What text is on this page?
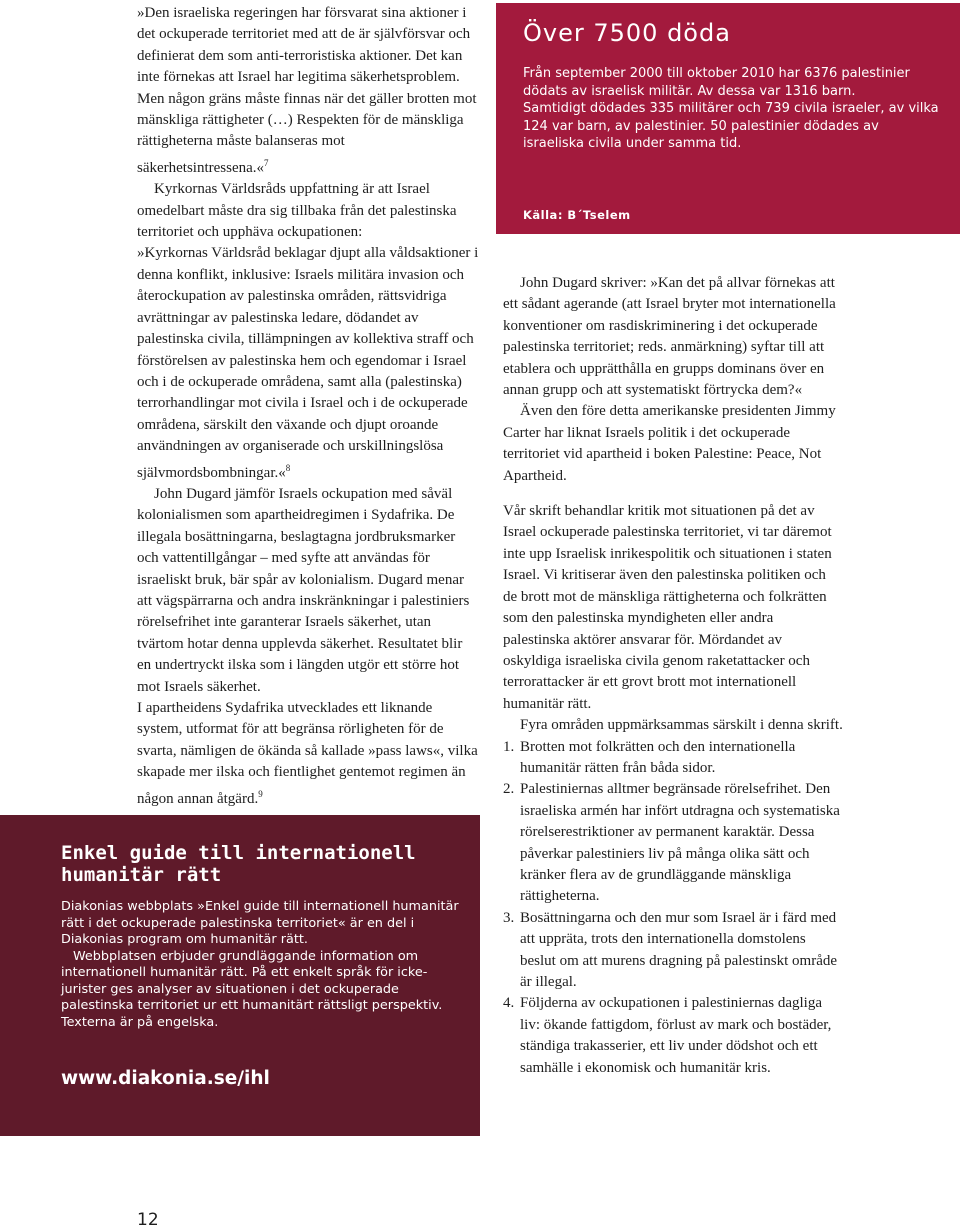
»Den israeliska regeringen har försvarat sina aktioner i det ockuperade territoriet med att de är självförsvar och definierat dem som anti-terroristiska aktioner. Det kan inte förnekas att Israel har legitima säkerhetsproblem. Men någon gräns måste finnas när det gäller brotten mot mänskliga rättigheter (…) Respekten för de mänskliga rättigheterna måste balanseras mot säkerhetsintressena.«$^7$

Kyrkornas Världsråds uppfattning är att Israel omedelbart måste dra sig tillbaka från det palestinska territoriet och upphäva ockupationen:

»Kyrkornas Världsråd beklagar djupt alla våldsaktioner i denna konflikt, inklusive: Israels militära invasion och återockupation av palestinska områden, rättsvidriga avrättningar av palestinska ledare, dödandet av palestinska civila, tillämpningen av kollektiva straff och förstörelsen av palestinska hem och egendomar i Israel och i de ockuperade områdena, samt alla (palestinska) terrorhandlingar mot civila i Israel och i de ockuperade områdena, särskilt den växande och djupt oroande användningen av organiserade och urskillningslösa självmordsbombningar.«$^8$

John Dugard jämför Israels ockupation med såväl kolonialismen som apartheidregimen i Sydafrika. De illegala bosättningarna, beslagtagna jordbruksmarker och vattentillgångar – med syfte att användas för israeliskt bruk, bär spår av kolonialism. Dugard menar att vägspärrarna och andra inskränkningar i palestiniers rörelsefrihet inte garanterar Israels säkerhet, utan tvärtom hotar denna upplevda säkerhet. Resultatet blir en undertryckt ilska som i längden utgör ett större hot mot Israels säkerhet.

I apartheidens Sydafrika utvecklades ett liknande system, utformat för att begränsa rörligheten för de svarta, nämligen de ökända så kallade »pass laws«, vilka skapade mer ilska och fientlighet gentemot regimen än någon annan åtgärd.$^9$

Över 7500 döda

Från september 2000 till oktober 2010 har 6376 palestinier dödats av israelisk militär. Av dessa var 1316 barn.

Samtidigt dödades 335 militärer och 739 civila israeler, av vilka 124 var barn, av palestinier. 50 palestinier dödades av israeliska civila under samma tid.

Källa: B´Tselem

John Dugard skriver: »Kan det på allvar förnekas att ett sådant agerande (att Israel bryter mot internationella konventioner om rasdiskriminering i det ockuperade palestinska territoriet; reds. anmärkning) syftar till att etablera och upprätthålla en grupps dominans över en annan grupp och att systematiskt förtrycka dem?«

Även den före detta amerikanske presidenten Jimmy Carter har liknat Israels politik i det ockuperade territoriet vid apartheid i boken Palestine: Peace, Not Apartheid.

Vår skrift behandlar kritik mot situationen på det av Israel ockuperade palestinska territoriet, vi tar däremot inte upp Israelisk inrikespolitik och situationen i staten Israel. Vi kritiserar även den palestinska politiken och de brott mot de mänskliga rättigheterna och folkrätten som den palestinska myndigheten eller andra palestinska aktörer ansvarar för. Mördandet av oskyldiga israeliska civila genom raketattacker och terrorattacker är ett grovt brott mot internationell humanitär rätt.

Fyra områden uppmärksammas särskilt i denna skrift.

1. Brotten mot folkrätten och den internationella humanitär rätten från båda sidor.
2. Palestiniernas alltmer begränsade rörelsefrihet. Den israeliska armén har infört utdragna och systematiska rörelserestriktioner av permanent karaktär. Dessa påverkar palestiniers liv på många olika sätt och kränker flera av de grundläggande mänskliga rättigheterna.
3. Bosättningarna och den mur som Israel är i färd med att uppräta, trots den internationella domstolens beslut om att murens dragning på palestinskt område är illegal.
4. Följderna av ockupationen i palestiniernas dagliga liv: ökande fattigdom, förlust av mark och bostäder, ständiga trakasserier, ett liv under dödshot och ett samhälle i ekonomisk och humanitär kris.
Enkel guide till internationell humanitär rätt

Diakonias webbplats »Enkel guide till internationell humanitär rätt i det ockuperade palestinska territoriet« är en del i Diakonias program om humanitär rätt.

Webbplatsen erbjuder grundläggande information om internationell humanitär rätt. På ett enkelt språk för icke-jurister ges analyser av situationen i det ockuperade palestinska territoriet ur ett humanitärt rättsligt perspektiv. Texterna är på engelska.

www.diakonia.se/ihl
12
